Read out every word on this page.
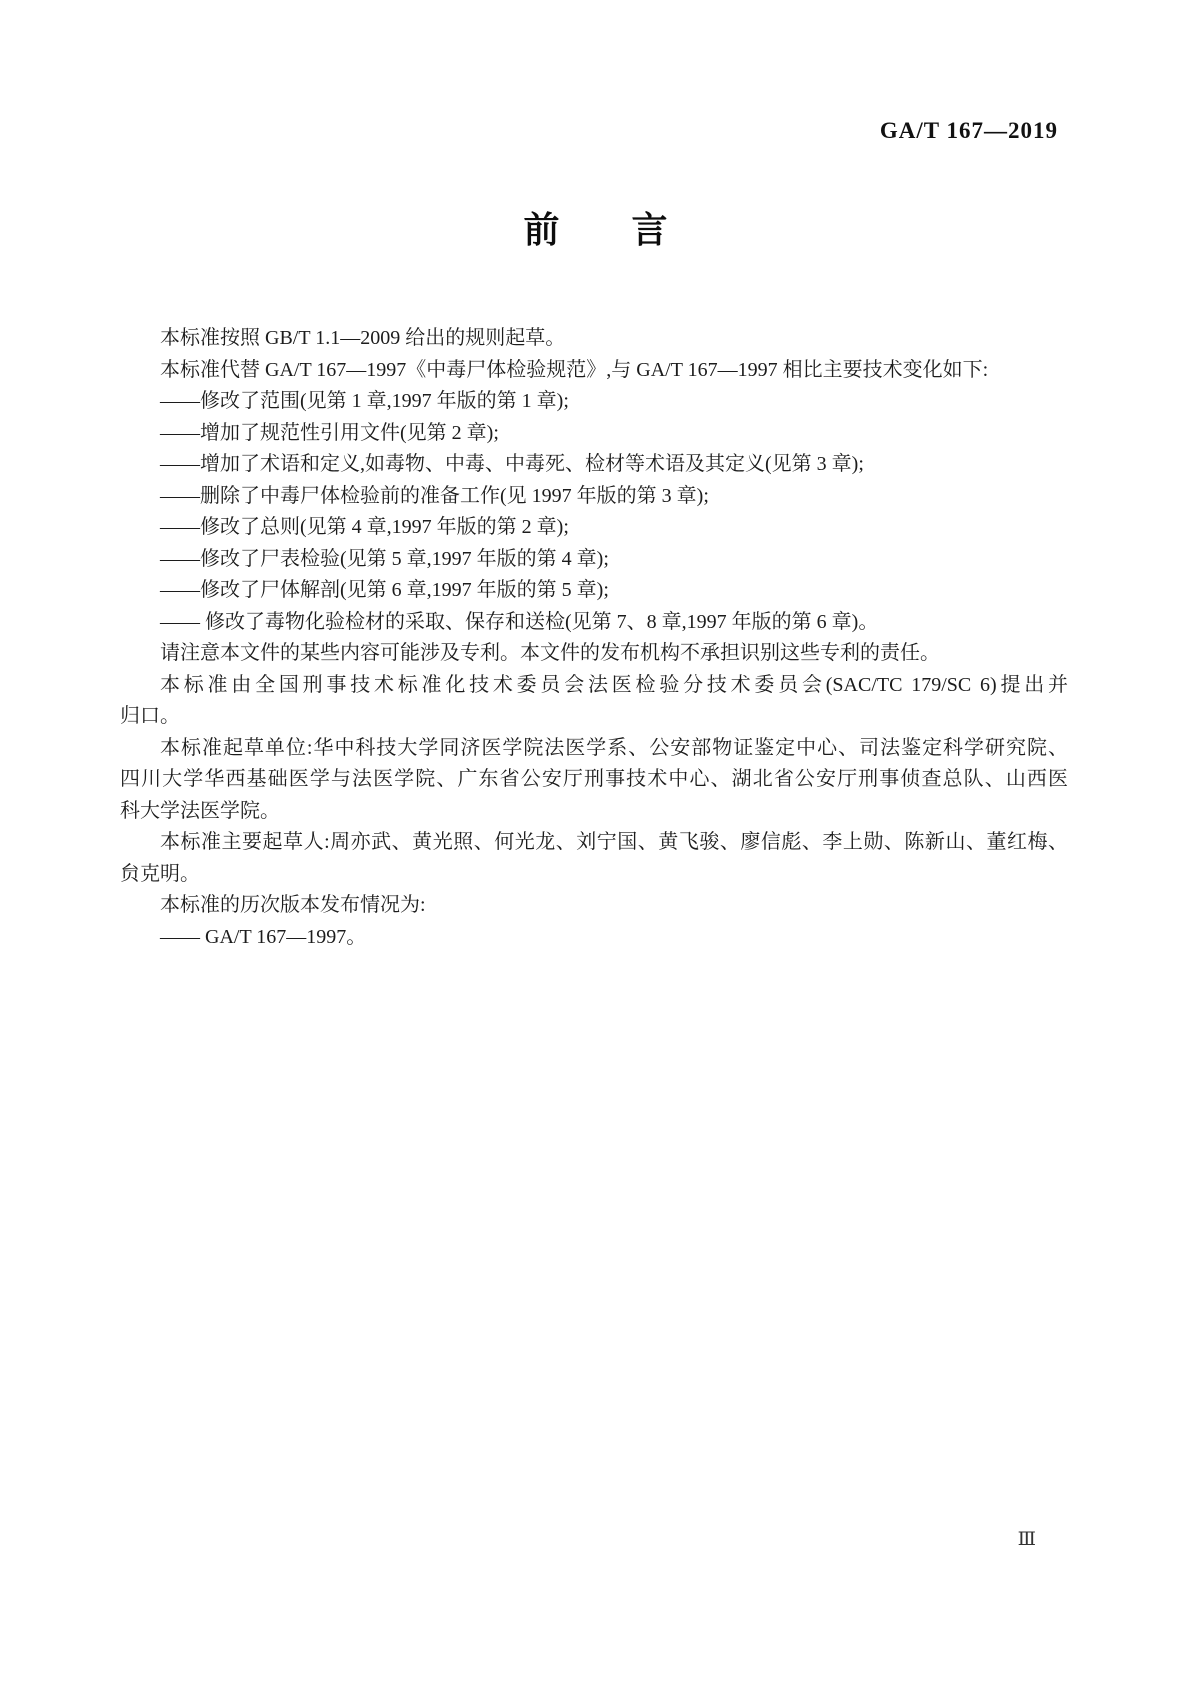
GA/T 167—2019
前　　言
本标准按照 GB/T 1.1—2009 给出的规则起草。
本标准代替 GA/T 167—1997《中毒尸体检验规范》,与 GA/T 167—1997 相比主要技术变化如下:
——修改了范围(见第 1 章,1997 年版的第 1 章);
——增加了规范性引用文件(见第 2 章);
——增加了术语和定义,如毒物、中毒、中毒死、检材等术语及其定义(见第 3 章);
——删除了中毒尸体检验前的准备工作(见 1997 年版的第 3 章);
——修改了总则(见第 4 章,1997 年版的第 2 章);
——修改了尸表检验(见第 5 章,1997 年版的第 4 章);
——修改了尸体解剖(见第 6 章,1997 年版的第 5 章);
—— 修改了毒物化验检材的采取、保存和送检(见第 7、8 章,1997 年版的第 6 章)。
请注意本文件的某些内容可能涉及专利。本文件的发布机构不承担识别这些专利的责任。
本标准由全国刑事技术标准化技术委员会法医检验分技术委员会(SAC/TC 179/SC 6)提出并
归口。
本标准起草单位:华中科技大学同济医学院法医学系、公安部物证鉴定中心、司法鉴定科学研究院、
四川大学华西基础医学与法医学院、广东省公安厅刑事技术中心、湖北省公安厅刑事侦查总队、山西医
科大学法医学院。
本标准主要起草人:周亦武、黄光照、何光龙、刘宁国、黄飞骏、廖信彪、李上勋、陈新山、董红梅、
贠克明。
本标准的历次版本发布情况为:
—— GA/T 167—1997。
Ⅲ
